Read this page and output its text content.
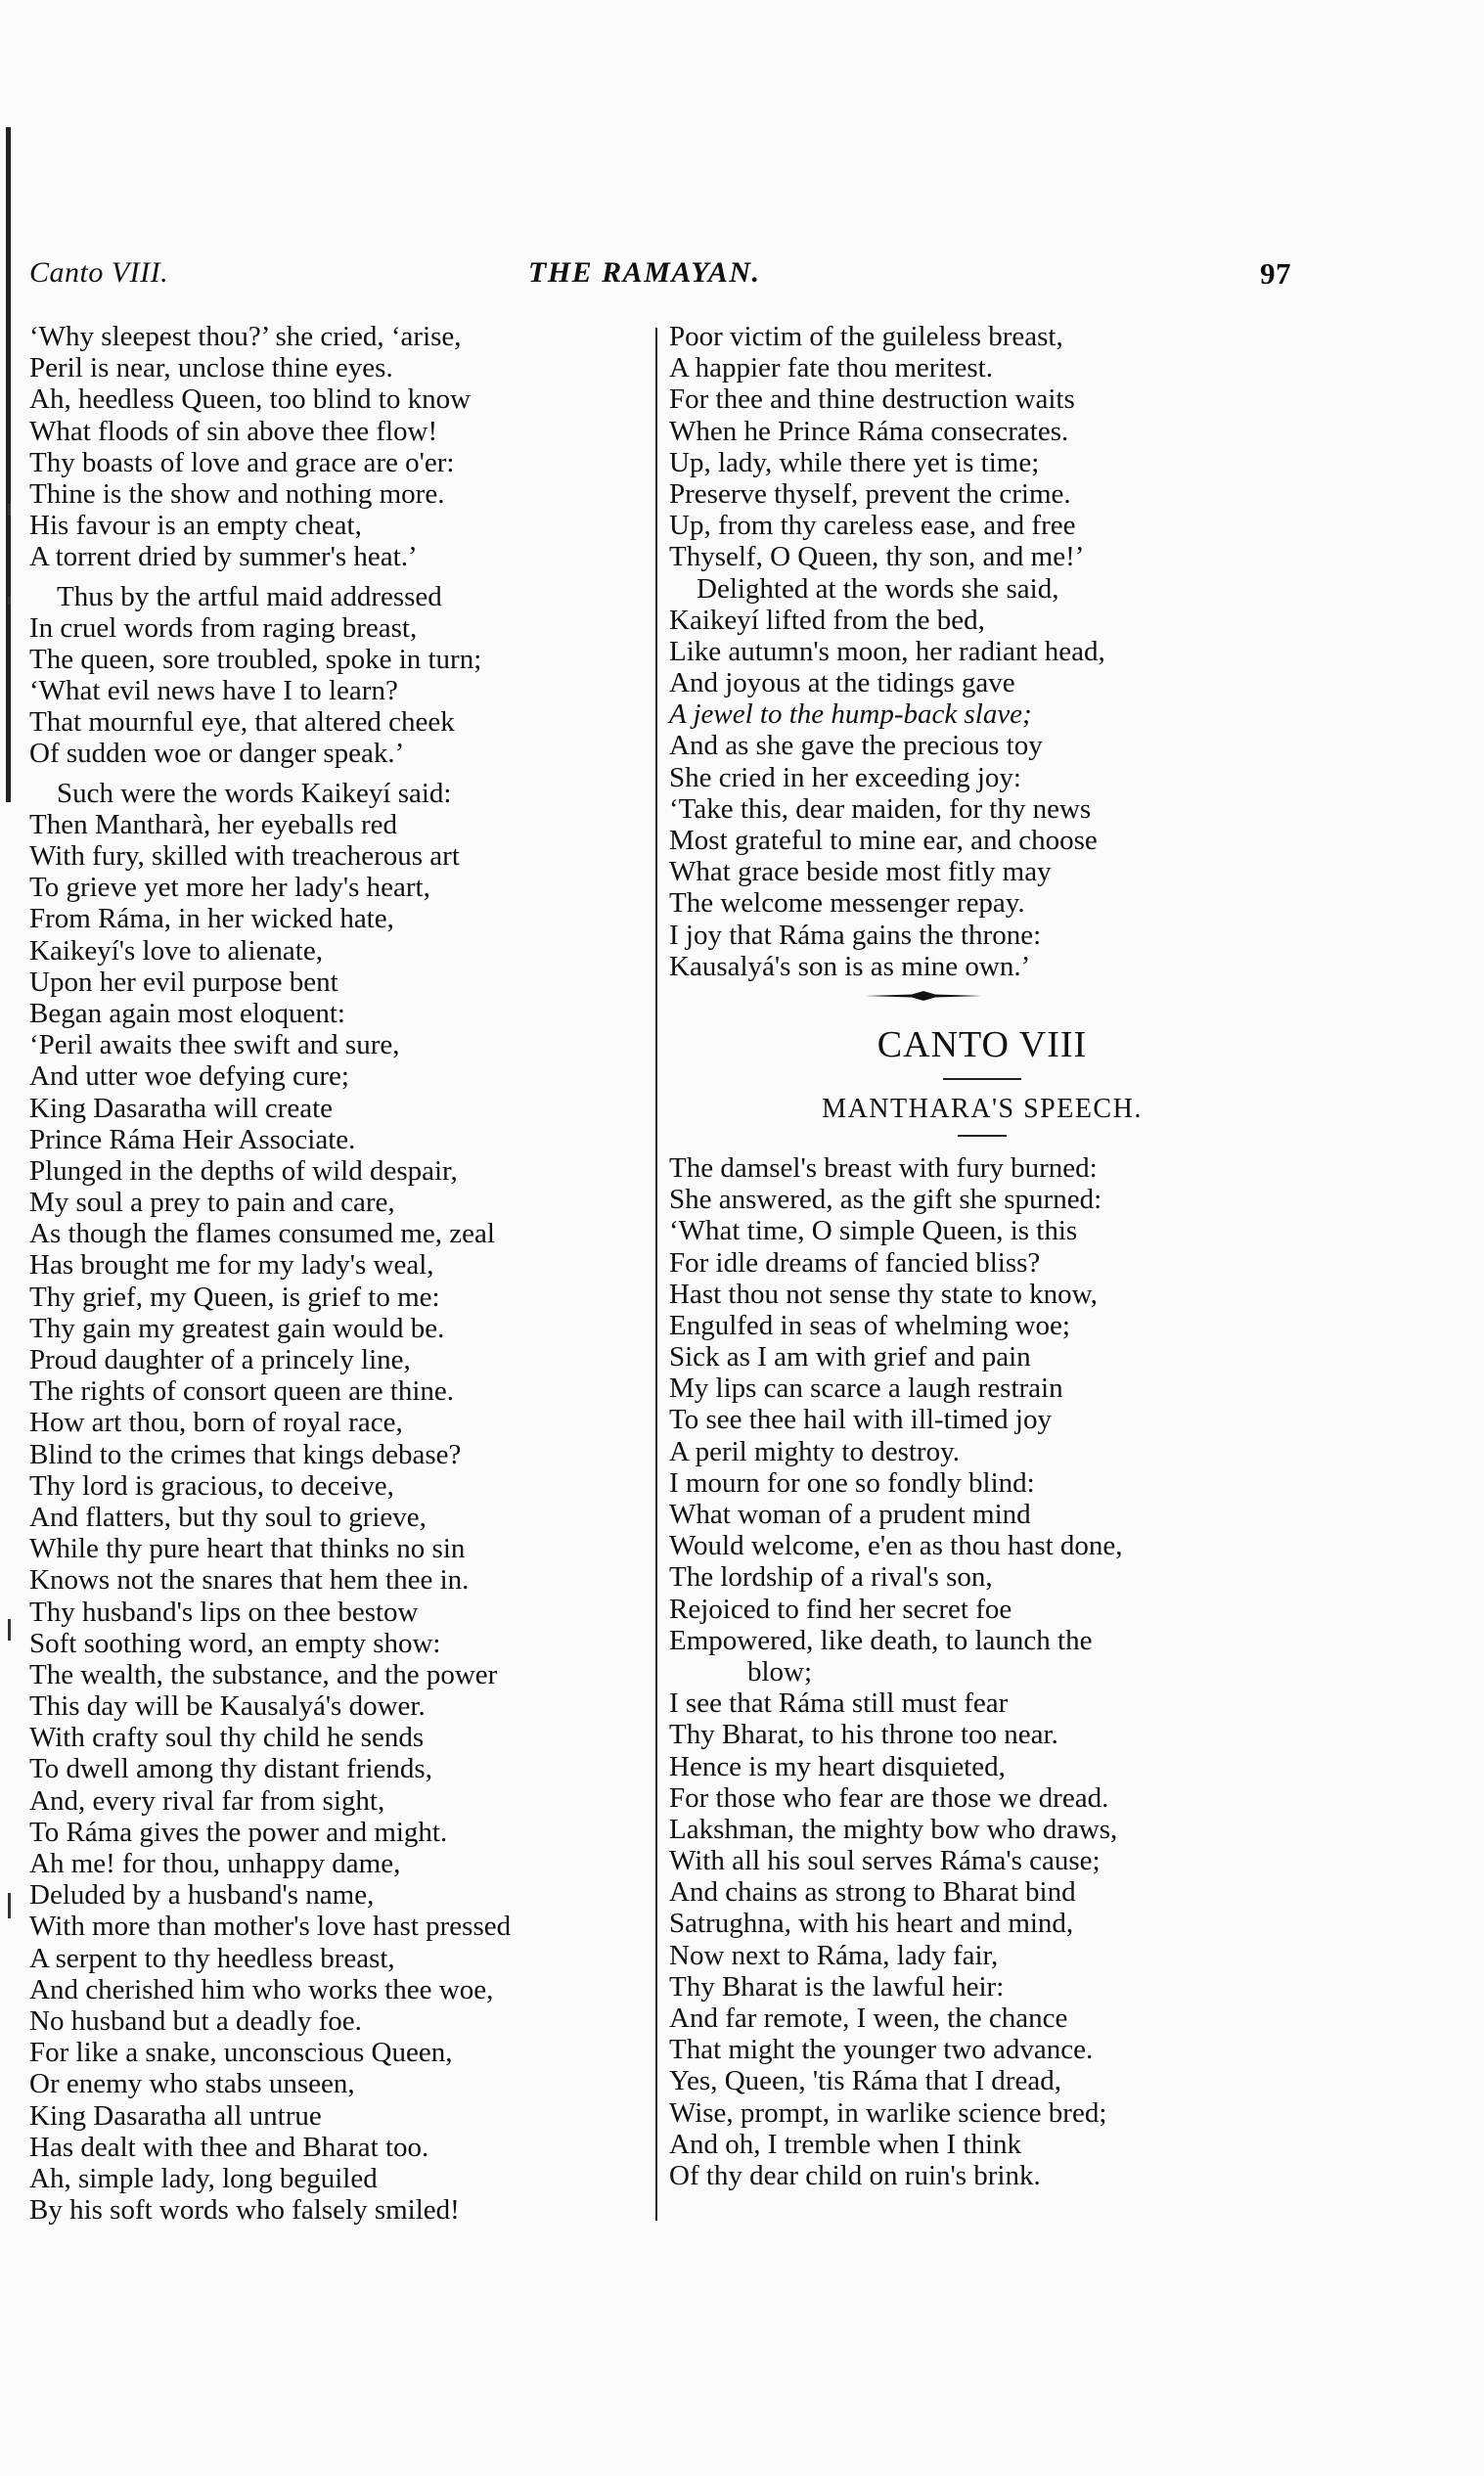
Canto VIII.	THE RAMAYAN.	97
‘Why sleepest thou?’ she cried, ‘arise,
Peril is near, unclose thine eyes.
Ah, heedless Queen, too blind to know
What floods of sin above thee flow!
Thy boasts of love and grace are o'er:
Thine is the show and nothing more.
His favour is an empty cheat,
A torrent dried by summer's heat.’
Thus by the artful maid addressed
In cruel words from raging breast,
The queen, sore troubled, spoke in turn;
‘What evil news have I to learn?
That mournful eye, that altered cheek
Of sudden woe or danger speak.’
Such were the words Kaikeyí said:
Then Mantharà, her eyeballs red
With fury, skilled with treacherous art
To grieve yet more her lady's heart,
From Ráma, in her wicked hate,
Kaikeyí's love to alienate,
Upon her evil purpose bent
Began again most eloquent:
‘Peril awaits thee swift and sure,
And utter woe defying cure;
King Dasaratha will create
Prince Ráma Heir Associate.
Plunged in the depths of wild despair,
My soul a prey to pain and care,
As though the flames consumed me, zeal
Has brought me for my lady's weal,
Thy grief, my Queen, is grief to me:
Thy gain my greatest gain would be.
Proud daughter of a princely line,
The rights of consort queen are thine.
How art thou, born of royal race,
Blind to the crimes that kings debase?
Thy lord is gracious, to deceive,
And flatters, but thy soul to grieve,
While thy pure heart that thinks no sin
Knows not the snares that hem thee in.
Thy husband's lips on thee bestow
Soft soothing word, an empty show:
The wealth, the substance, and the power
This day will be Kausalyá's dower.
With crafty soul thy child he sends
To dwell among thy distant friends,
And, every rival far from sight,
To Ráma gives the power and might.
Ah me! for thou, unhappy dame,
Deluded by a husband's name,
With more than mother's love hast pressed
A serpent to thy heedless breast,
And cherished him who works thee woe,
No husband but a deadly foe.
For like a snake, unconscious Queen,
Or enemy who stabs unseen,
King Dasaratha all untrue
Has dealt with thee and Bharat too.
Ah, simple lady, long beguiled
By his soft words who falsely smiled!
Poor victim of the guileless breast,
A happier fate thou meritest.
For thee and thine destruction waits
When he Prince Ráma consecrates.
Up, lady, while there yet is time;
Preserve thyself, prevent the crime.
Up, from thy careless ease, and free
Thyself, O Queen, thy son, and me!’
Delighted at the words she said,
Kaikeyí lifted from the bed,
Like autumn's moon, her radiant head,
And joyous at the tidings gave
A jewel to the hump-back slave;
And as she gave the precious toy
She cried in her exceeding joy:
‘Take this, dear maiden, for thy news
Most grateful to mine ear, and choose
What grace beside most fitly may
The welcome messenger repay.
I joy that Ráma gains the throne:
Kausalyá's son is as mine own.’
CANTO VIII
MANTHARA'S SPEECH.
The damsel's breast with fury burned:
She answered, as the gift she spurned:
‘What time, O simple Queen, is this
For idle dreams of fancied bliss?
Hast thou not sense thy state to know,
Engulfed in seas of whelming woe;
Sick as I am with grief and pain
My lips can scarce a laugh restrain
To see thee hail with ill-timed joy
A peril mighty to destroy.
I mourn for one so fondly blind:
What woman of a prudent mind
Would welcome, e'en as thou hast done,
The lordship of a rival's son,
Rejoiced to find her secret foe
Empowered, like death, to launch the
blow;
I see that Ráma still must fear
Thy Bharat, to his throne too near.
Hence is my heart disquieted,
For those who fear are those we dread.
Lakshman, the mighty bow who draws,
With all his soul serves Ráma's cause;
And chains as strong to Bharat bind
Satrughna, with his heart and mind,
Now next to Ráma, lady fair,
Thy Bharat is the lawful heir:
And far remote, I ween, the chance
That might the younger two advance.
Yes, Queen, 'tis Ráma that I dread,
Wise, prompt, in warlike science bred;
And oh, I tremble when I think
Of thy dear child on ruin's brink.
